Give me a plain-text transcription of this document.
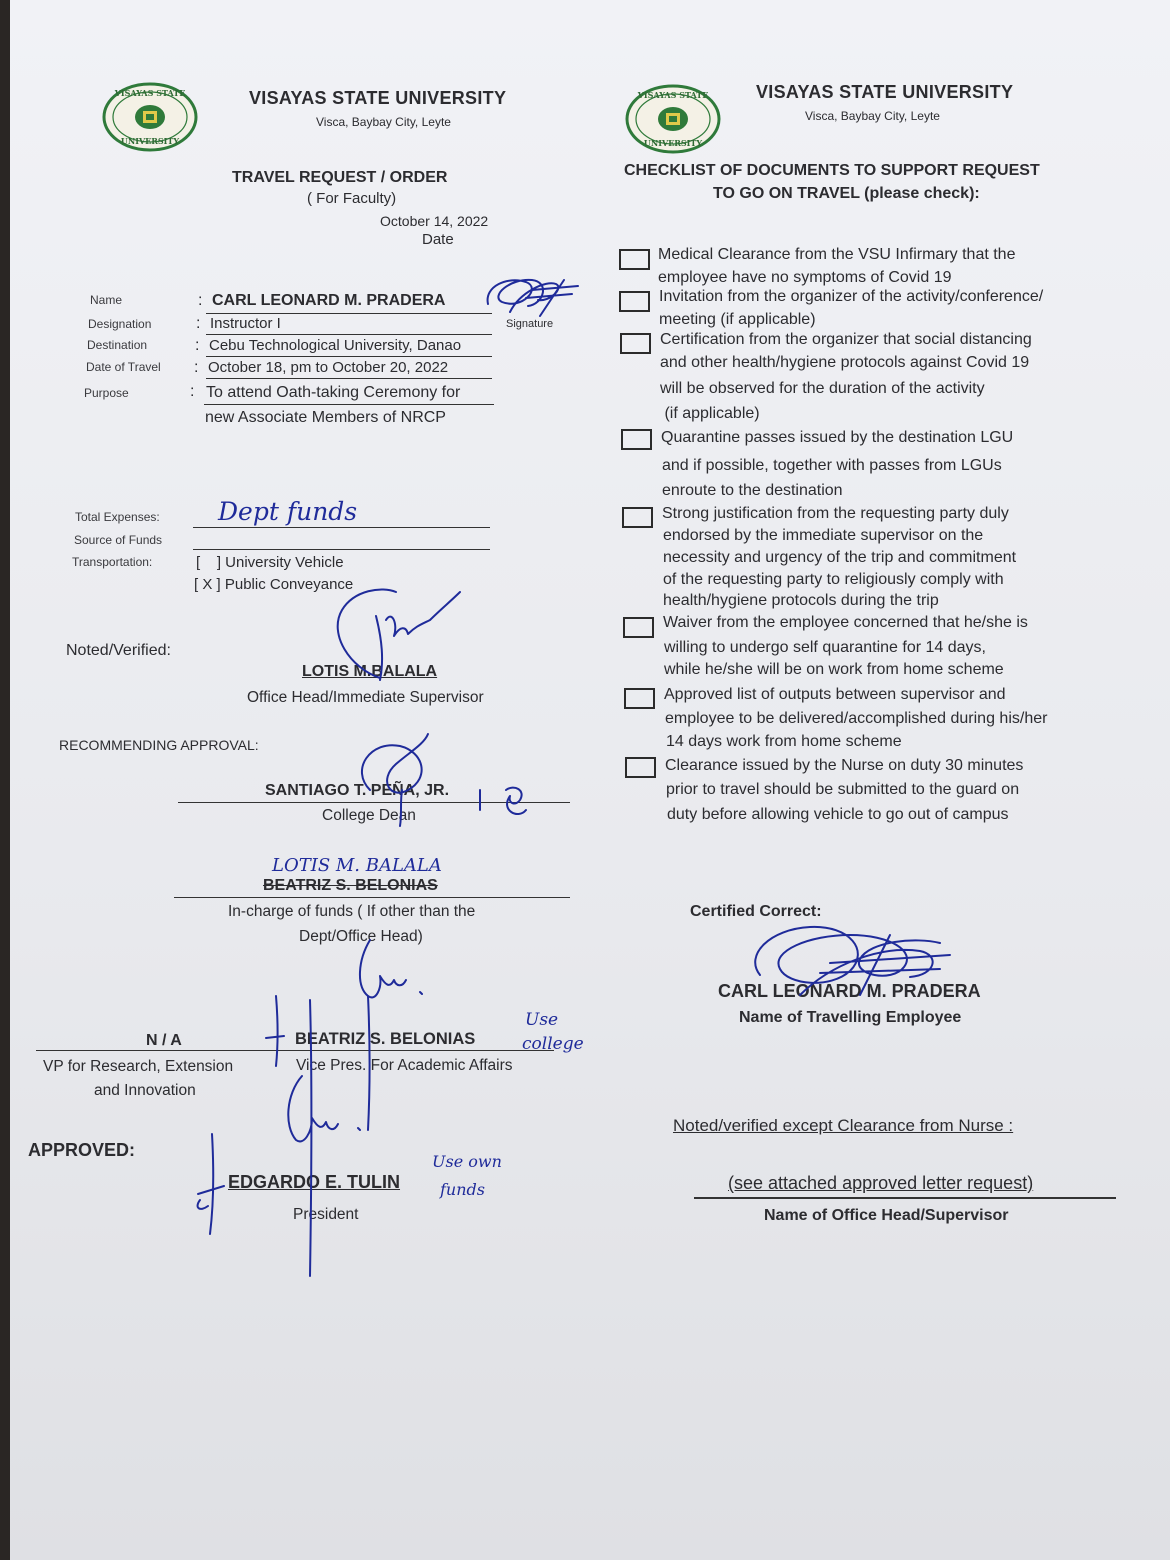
VISAYAS STATE
UNIVERSITY
VISAYAS STATE UNIVERSITY
Visca, Baybay City, Leyte
TRAVEL REQUEST / ORDER
( For Faculty)
October 14, 2022
Date
Name	: CARL LEONARD M. PRADERA
Signature
Designation	: Instructor I
Destination	: Cebu Technological University, Danao
Date of Travel : October 18, pm to October 20, 2022
Purpose	: To attend Oath-taking Ceremony for
new Associate Members of NRCP
Total Expenses: Dept funds
Source of Funds
Transportation:	[    ] University Vehicle
[ X ] Public Conveyance
Noted/Verified:
LOTIS M.BALALA
Office Head/Immediate Supervisor
RECOMMENDING APPROVAL:
SANTIAGO T. PEÑA, JR.
College Dean
LOTIS M. BALALA
BEATRIZ S. BELONIAS
In-charge of funds ( If other than the
Dept/Office Head)
N / A
VP for Research, Extension
and Innovation
BEATRIZ S. BELONIAS
Vice Pres. For Academic Affairs
Use
college
APPROVED:
EDGARDO E. TULIN
President
Use own
funds
VISAYAS STATE
UNIVERSITY
VISAYAS STATE UNIVERSITY
Visca, Baybay City, Leyte
CHECKLIST OF DOCUMENTS TO SUPPORT REQUEST
TO GO ON TRAVEL (please check):
Medical Clearance from the VSU Infirmary that the
employee have no symptoms of Covid 19
Invitation from the organizer of the activity/conference/
meeting (if applicable)
Certification from the organizer that social distancing
and other health/hygiene protocols against Covid 19
will be observed for the duration of the activity
(if applicable)
Quarantine passes issued by the destination LGU
and if possible, together with passes from LGUs
enroute to the destination
Strong justification from the requesting party duly
endorsed by the immediate supervisor on the
necessity and urgency of the trip and commitment
of the requesting party to religiously comply with
health/hygiene protocols during the trip
Waiver from the employee concerned that he/she is
willing to undergo self quarantine for 14 days,
while he/she will be on work from home scheme
Approved list of outputs between supervisor and
employee to be delivered/accomplished during his/her
14 days work from home scheme
Clearance issued by the Nurse on duty 30 minutes
prior to travel should be submitted to the guard on
duty before allowing vehicle to go out of campus
Certified Correct:
CARL LEONARD M. PRADERA
Name of Travelling Employee
Noted/verified except Clearance from Nurse :
(see attached approved letter request)
Name of Office Head/Supervisor
